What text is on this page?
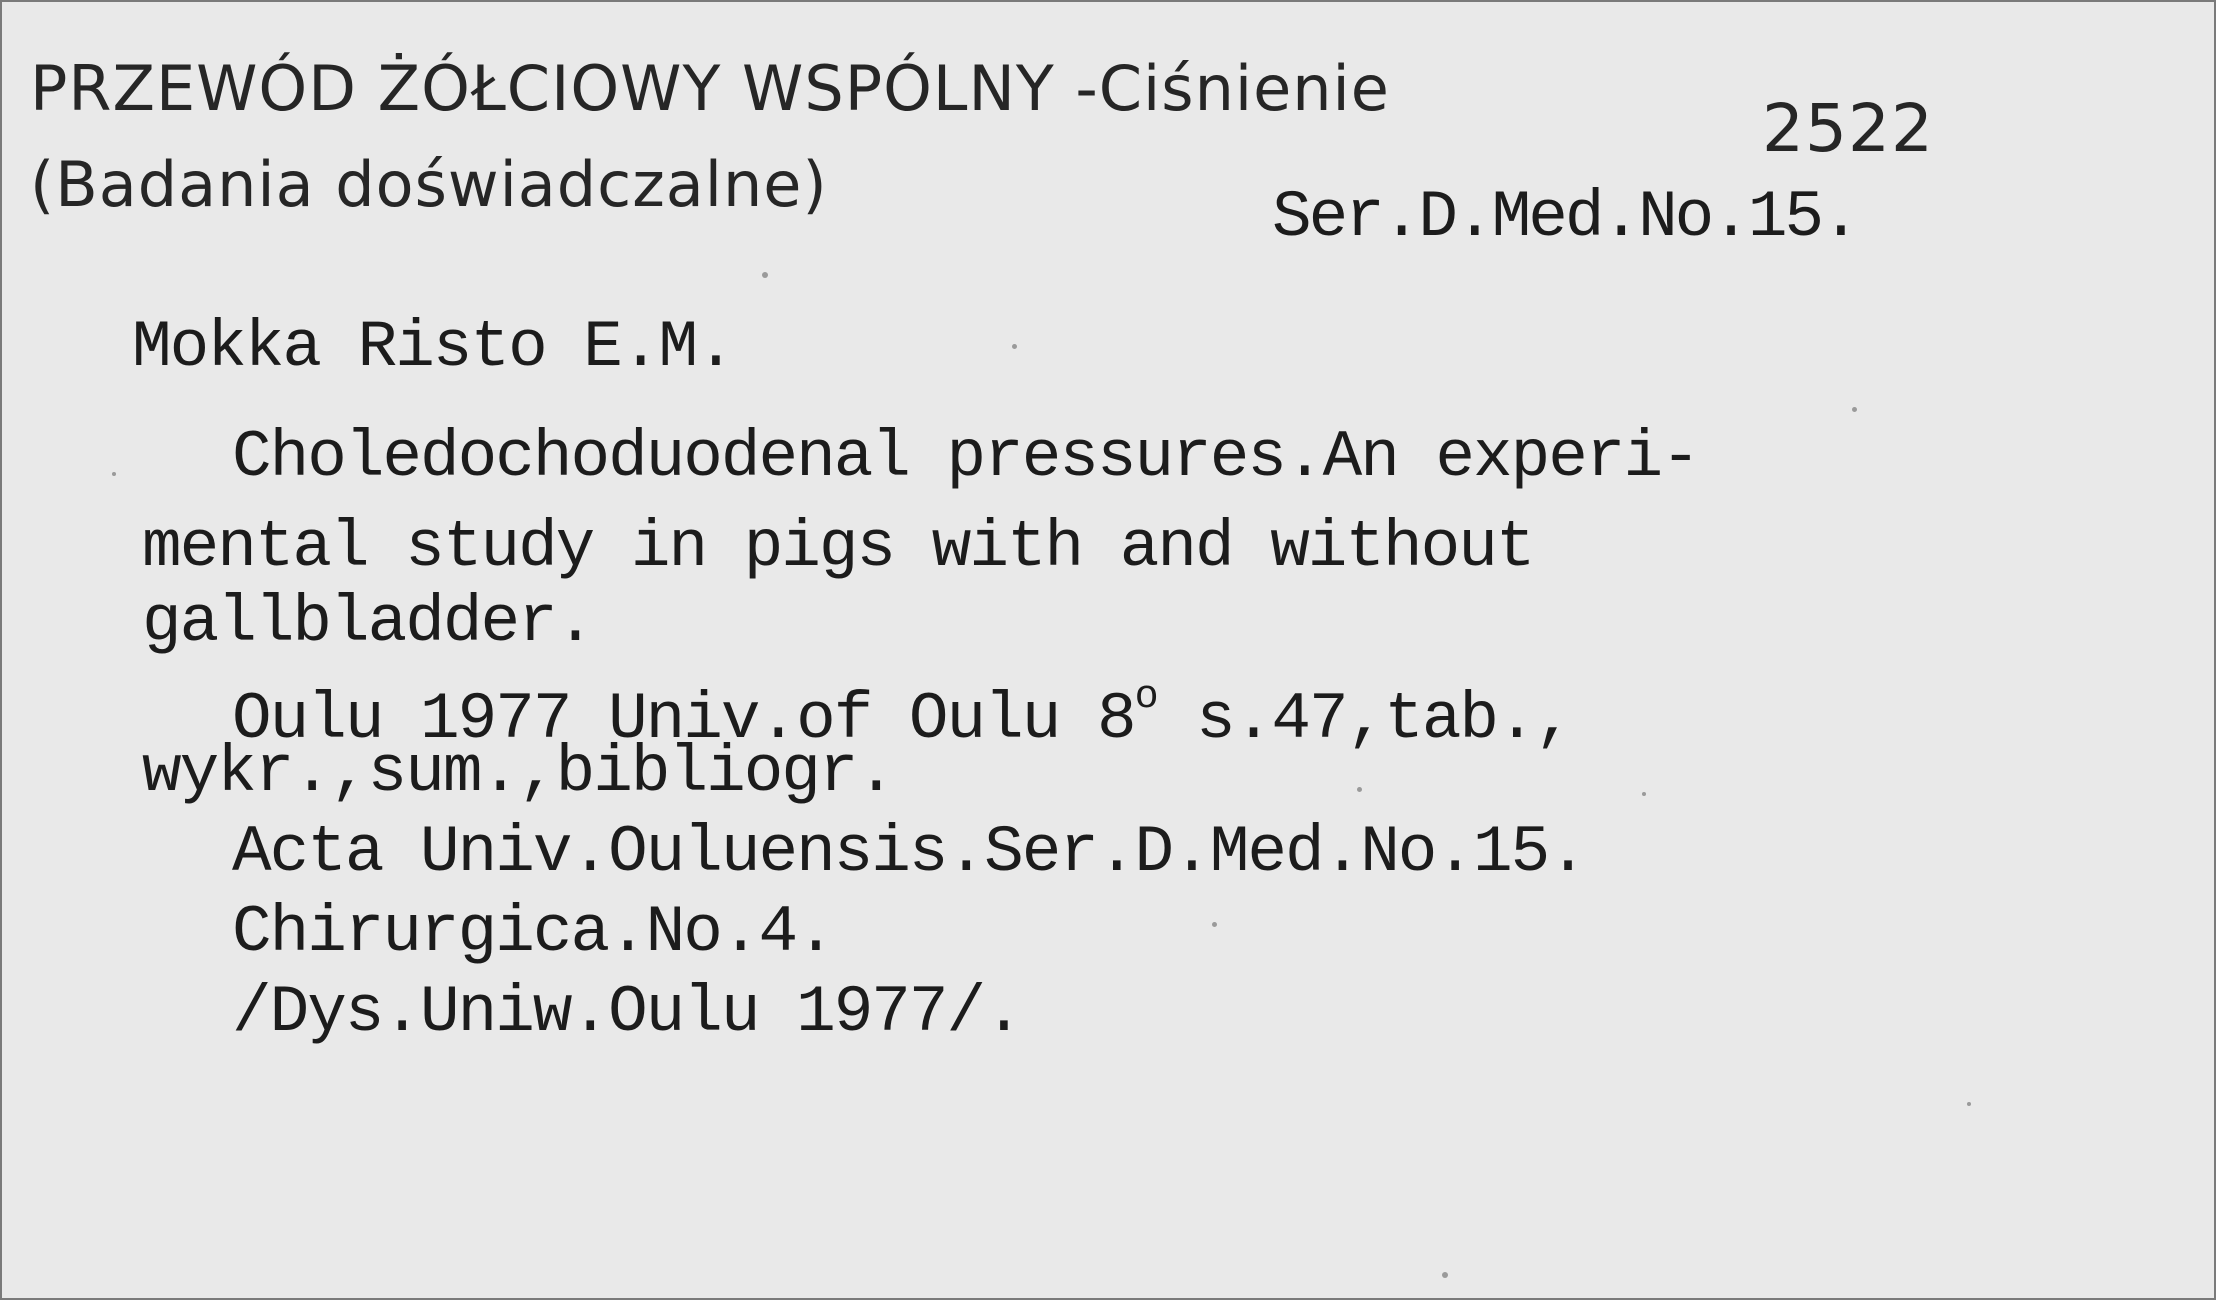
PRZEWÓD ŻÓŁCIOWY WSPÓLNY -Ciśnienie
(Badania doświadczalne)
2522
Ser.D.Med.No.15.
Mokka Risto E.M.
Choledochoduodenal pressures.An experi-
mental study in pigs with and without
gallbladder.
Oulu 1977 Univ.of Oulu 8$^o$ s.47,tab.,
wykr.,sum.,bibliogr.
Acta Univ.Ouluensis.Ser.D.Med.No.15.
Chirurgica.No.4.
/Dys.Uniw.Oulu 1977/.
